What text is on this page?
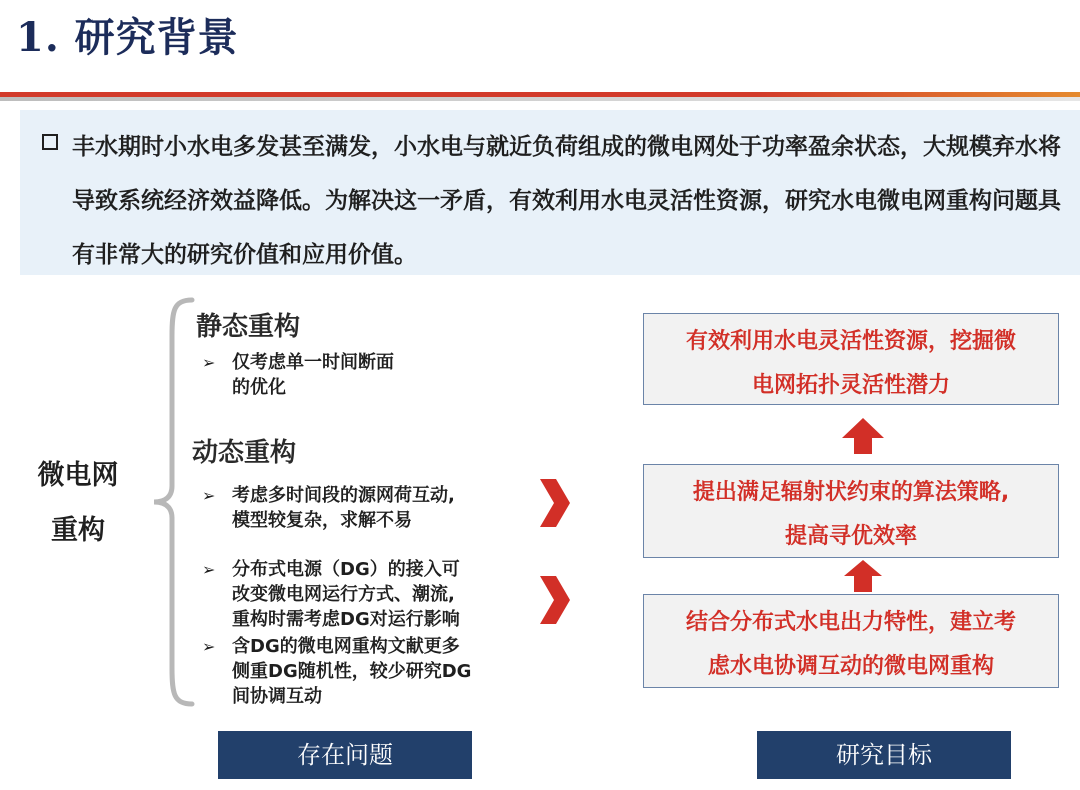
1. 研究背景
丰水期时小水电多发甚至满发，小水电与就近负荷组成的微电网处于功率盈余状态，大规模弃水将导致系统经济效益降低。为解决这一矛盾，有效利用水电灵活性资源，研究水电微电网重构问题具有非常大的研究价值和应用价值。
微电网
重构
静态重构
➢ 仅考虑单一时间断面
的优化
动态重构
➢ 考虑多时间段的源网荷互动,
模型较复杂，求解不易
➢ 分布式电源（DG）的接入可
改变微电网运行方式、潮流,
重构时需考虑DG对运行影响
➢ 含DG的微电网重构文献更多
侧重DG随机性，较少研究DG
间协调互动
有效利用水电灵活性资源，挖掘微
电网拓扑灵活性潜力
提出满足辐射状约束的算法策略,
提高寻优效率
结合分布式水电出力特性，建立考
虑水电协调互动的微电网重构
存在问题	研究目标
